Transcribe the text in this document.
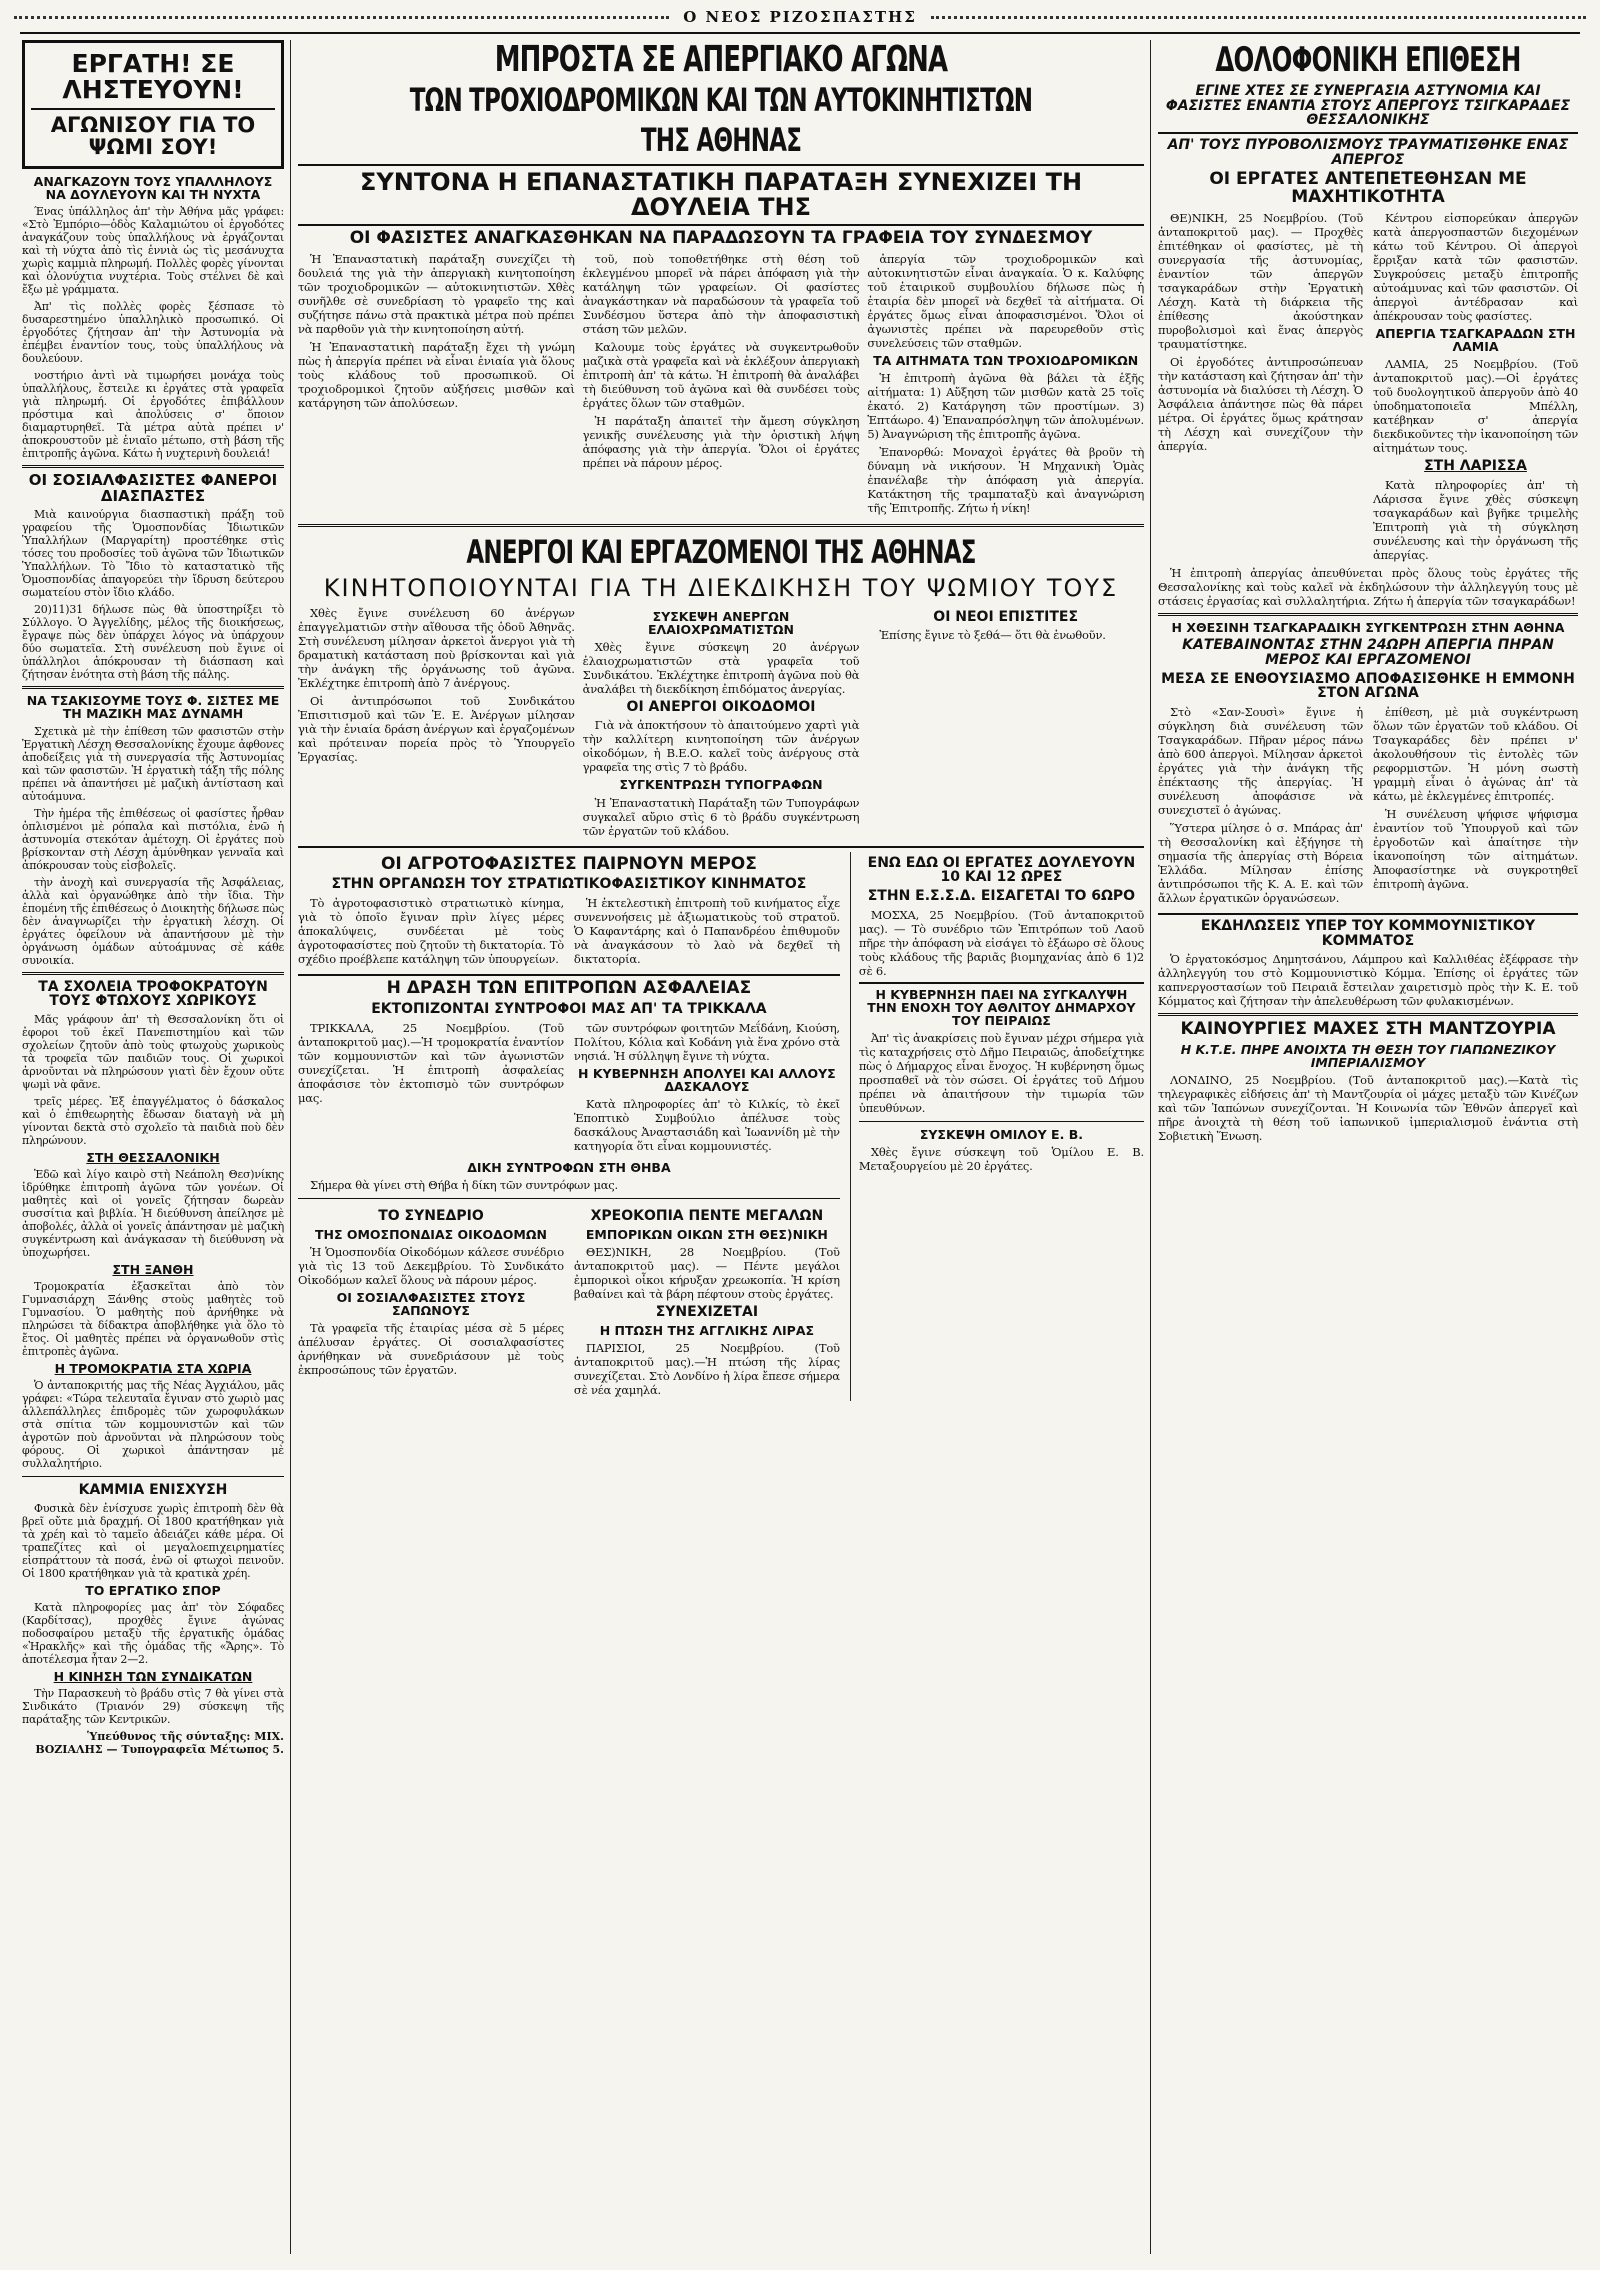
Ο ΝΕΟΣ ΡΙΖΟΣΠΑΣΤΗΣ
ΕΡΓΑΤΗ! ΣΕ ΛΗΣΤΕΥΟΥΝ!
ΑΓΩΝΙΣΟΥ ΓΙΑ ΤΟ ΨΩΜΙ ΣΟΥ!
ΑΝΑΓΚΑΖΟΥΝ ΤΟΥΣ ΥΠΑΛΛΗΛΟΥΣ ΝΑ ΔΟΥΛΕΥΟΥΝ ΚΑΙ ΤΗ ΝΥΧΤΑ

Ένας ὑπάλληλος ἀπ' τὴν Ἀθήνα μᾶς γράφει: «Στὸ Ἐμπόριο—ὁδὸς Καλαμιώτου οἱ ἐργοδότες ἀναγκάζουν τοὺς ὑπαλλήλους νὰ ἐργάζονται καὶ τὴ νύχτα ἀπὸ τὶς ἐννιὰ ὡς τὶς μεσάνυχτα χωρὶς καμμιὰ πληρωμή. Πολλὲς φορὲς γίνονται καὶ ὁλονύχτια νυχτέρια. Τοὺς στέλνει δὲ καὶ ἔξω μὲ γράμματα.

Ἀπ' τὶς πολλὲς φορὲς ξέσπασε τὸ δυσαρεστημένο ὑπαλληλικὸ προσωπικό. Οἱ ἐργοδότες ζήτησαν ἀπ' τὴν Ἀστυνομία νὰ ἐπέμβει ἐναντίον τους, τοὺς ὑπαλλήλους νὰ δουλεύουν.

νοστήριο ἀντὶ νὰ τιμωρήσει μονάχα τοὺς ὑπαλλήλους, ἔστειλε κι ἐργάτες στὰ γραφεῖα γιὰ πληρωμή. Οἱ ἐργοδότες ἐπιβάλλουν πρόστιμα καὶ ἀπολύσεις σ' ὅποιον διαμαρτυρηθεῖ. Τὰ μέτρα αὐτὰ πρέπει ν' ἀποκρουστοῦν μὲ ἑνιαῖο μέτωπο, στὴ βάση τῆς ἐπιτροπῆς ἀγῶνα. Κάτω ἡ νυχτερινὴ δουλειά!

ΟΙ ΣΟΣΙΑΛΦΑΣΙΣΤΕΣ ΦΑΝΕΡΟΙ ΔΙΑΣΠΑΣΤΕΣ

Μιὰ καινούργια διασπαστικὴ πράξη τοῦ γραφείου τῆς Ὁμοσπονδίας Ἰδιωτικῶν Ὑπαλλήλων (Μαργαρίτη) προστέθηκε στὶς τόσες του προδοσίες τοῦ ἀγῶνα τῶν Ἰδιωτικῶν Ὑπαλλήλων. Τὸ Ἴδιο τὸ καταστατικὸ τῆς Ὁμοσπονδίας ἀπαγορεύει τὴν ἴδρυση δεύτερου σωματείου στὸν ἴδιο κλάδο.

20)11)31 δήλωσε πὼς θὰ ὑποστηρίξει τὸ Σύλλογο. Ὁ Ἀγγελίδης, μέλος τῆς διοικήσεως, ἔγραψε πὼς δὲν ὑπάρχει λόγος νὰ ὑπάρχουν δύο σωματεῖα. Στὴ συνέλευση ποὺ ἔγινε οἱ ὑπάλληλοι ἀπόκρουσαν τὴ διάσπαση καὶ ζήτησαν ἑνότητα στὴ βάση τῆς πάλης.

ΝΑ ΤΣΑΚΙΣΟΥΜΕ ΤΟΥΣ Φ. ΣΙΣΤΕΣ ΜΕ ΤΗ ΜΑΖΙΚΗ ΜΑΣ ΔΥΝΑΜΗ

Σχετικὰ μὲ τὴν ἐπίθεση τῶν φασιστῶν στὴν Ἐργατικὴ Λέσχη Θεσσαλονίκης ἔχουμε ἀφθονες ἀποδείξεις γιὰ τὴ συνεργασία τῆς Ἀστυνομίας καὶ τῶν φασιστῶν. Ἡ ἐργατικὴ τάξη τῆς πόλης πρέπει νὰ ἀπαντήσει μὲ μαζικὴ ἀντίσταση καὶ αὐτοάμυνα.

Τὴν ἡμέρα τῆς ἐπιθέσεως οἱ φασίστες ἦρθαν ὁπλισμένοι μὲ ρόπαλα καὶ πιστόλια, ἐνῶ ἡ ἀστυνομία στεκόταν ἀμέτοχη. Οἱ ἐργάτες ποὺ βρίσκονταν στὴ Λέσχη ἀμύνθηκαν γενναῖα καὶ ἀπόκρουσαν τοὺς εἰσβολεῖς.

τὴν ἀνοχὴ καὶ συνεργασία τῆς Ἀσφάλειας, ἀλλὰ καὶ ὀργανώθηκε ἀπὸ τὴν ἴδια. Τὴν ἐπομένη τῆς ἐπιθέσεως ὁ Διοικητὴς δήλωσε πὼς δὲν ἀναγνωρίζει τὴν ἐργατικὴ λέσχη. Οἱ ἐργάτες ὀφείλουν νὰ ἀπαντήσουν μὲ τὴν ὀργάνωση ὁμάδων αὐτοάμυνας σὲ κάθε συνοικία.

ΤΑ ΣΧΟΛΕΙΑ ΤΡΟΦΟΚΡΑΤΟΥΝ ΤΟΥΣ ΦΤΩΧΟΥΣ ΧΩΡΙΚΟΥΣ

Μᾶς γράφουν ἀπ' τὴ Θεσσαλονίκη ὅτι οἱ ἐφοροι τοῦ ἑκεῖ Πανεπιστημίου καὶ τῶν σχολείων ζητοῦν ἀπὸ τοὺς φτωχοὺς χωρικοὺς τὰ τροφεῖα τῶν παιδιῶν τους. Οἱ χωρικοὶ ἀρνοῦνται νὰ πληρώσουν γιατὶ δὲν ἔχουν οὔτε ψωμὶ νὰ φᾶνε.

τρεῖς μέρες. Ἐξ ἐπαγγέλματος ὁ δάσκαλος καὶ ὁ ἐπιθεωρητὴς ἔδωσαν διαταγὴ νὰ μὴ γίνονται δεκτὰ στὸ σχολεῖο τὰ παιδιὰ ποὺ δὲν πληρώνουν.

ΣΤΗ ΘΕΣΣΑΛΟΝΙΚΗ

Ἐδῶ καὶ λίγο καιρὸ στὴ Νεάπολη Θεσ)νίκης ἱδρύθηκε ἐπιτροπὴ ἀγῶνα τῶν γονέων. Οἱ μαθητὲς καὶ οἱ γονεῖς ζήτησαν δωρεὰν συσσίτια καὶ βιβλία. Ἡ διεύθυνση ἀπείλησε μὲ ἀποβολές, ἀλλὰ οἱ γονεῖς ἀπάντησαν μὲ μαζικὴ συγκέντρωση καὶ ἀνάγκασαν τὴ διεύθυνση νὰ ὑποχωρήσει.

ΣΤΗ ΞΑΝΘΗ

Τρομοκρατία ἐξασκεῖται ἀπὸ τὸν Γυμνασιάρχη Ξάνθης στοὺς μαθητὲς τοῦ Γυμνασίου. Ὁ μαθητὴς ποὺ ἀρνήθηκε νὰ πληρώσει τὰ δίδακτρα ἀποβλήθηκε γιὰ ὅλο τὸ ἔτος. Οἱ μαθητὲς πρέπει νὰ ὀργανωθοῦν στὶς ἐπιτροπὲς ἀγῶνα.

Η ΤΡΟΜΟΚΡΑΤΙΑ ΣΤΑ ΧΩΡΙΑ

Ὁ ἀνταποκριτής μας τῆς Νέας Ἀγχιάλου, μᾶς γράφει: «Τώρα τελευταῖα ἔγιναν στὸ χωριὸ μας ἀλλεπάλληλες ἐπιδρομὲς τῶν χωροφυλάκων στὰ σπίτια τῶν κομμουνιστῶν καὶ τῶν ἀγροτῶν ποὺ ἀρνοῦνται νὰ πληρώσουν τοὺς φόρους. Οἱ χωρικοὶ ἀπάντησαν μὲ συλλαλητήριο.

ΚΑΜΜΙΑ ΕΝΙΣΧΥΣΗ

Φυσικὰ δὲν ἐνίσχυσε χωρὶς ἐπιτροπὴ δὲν θὰ βρεῖ οὔτε μιὰ δραχμή. Οἱ 1800 κρατήθηκαν γιὰ τὰ χρέη καὶ τὸ ταμεῖο ἀδειάζει κάθε μέρα. Οἱ τραπεζίτες καὶ οἱ μεγαλοεπιχειρηματίες εἰσπράττουν τὰ ποσά, ἐνῶ οἱ φτωχοὶ πεινοῦν. Οἱ 1800 κρατήθηκαν γιὰ τὰ κρατικὰ χρέη.

ΤΟ ΕΡΓΑΤΙΚΟ ΣΠΟΡ

Κατὰ πληροφορίες μας ἀπ' τὸν Σόφαδες (Καρδίτσας), προχθὲς ἔγινε ἀγώνας ποδοσφαίρου μεταξὺ τῆς ἐργατικῆς ὁμάδας «Ἠρακλῆς» καὶ τῆς ὁμάδας τῆς «Ἄρης». Τὸ ἀποτέλεσμα ἦταν 2—2.

Η ΚΙΝΗΣΗ ΤΩΝ ΣΥΝΔΙΚΑΤΩΝ

Τὴν Παρασκευὴ τὸ βράδυ στὶς 7 θὰ γίνει στὰ Σινδικάτο (Τριανόν 29) σύσκεψη τῆς παράταξης τῶν Κεντρικῶν.

Ὑπεύθυνος τῆς σύνταξης: ΜΙΧ. ΒΟΖΙΑΛΗΣ — Τυπογραφεῖα Μέτωπος 5.
ΜΠΡΟΣΤΑ ΣΕ ΑΠΕΡΓΙΑΚΟ ΑΓΩΝΑ
ΤΩΝ ΤΡΟΧΙΟΔΡΟΜΙΚΩΝ ΚΑΙ ΤΩΝ ΑΥΤΟΚΙΝΗΤΙΣΤΩΝ ΤΗΣ ΑΘΗΝΑΣ
ΣΥΝΤΟΝΑ Η ΕΠΑΝΑΣΤΑΤΙΚΗ ΠΑΡΑΤΑΞΗ ΣΥΝΕΧΙΖΕΙ ΤΗ ΔΟΥΛΕΙΑ ΤΗΣ
ΟΙ ΦΑΣΙΣΤΕΣ ΑΝΑΓΚΑΣΘΗΚΑΝ ΝΑ ΠΑΡΑΔΩΣΟΥΝ ΤΑ ΓΡΑΦΕΙΑ ΤΟΥ ΣΥΝΔΕΣΜΟΥ

Ἡ Ἐπαναστατικὴ παράταξη συνεχίζει τὴ δουλειά της γιὰ τὴν ἀπεργιακὴ κινητοποίηση τῶν τροχιοδρομικῶν — αὐτοκινητιστῶν. Χθὲς συνῆλθε σὲ συνεδρίαση τὸ γραφεῖο της καὶ συζήτησε πάνω στὰ πρακτικὰ μέτρα ποὺ πρέπει νὰ παρθοῦν γιὰ τὴν κινητοποίηση αὐτή.

Ἡ Ἐπαναστατικὴ παράταξη ἔχει τὴ γνώμη πὼς ἡ ἀπεργία πρέπει νὰ εἶναι ἑνιαία γιὰ ὅλους τοὺς κλάδους τοῦ προσωπικοῦ. Οἱ τροχιοδρομικοὶ ζητοῦν αὐξήσεις μισθῶν καὶ κατάργηση τῶν ἀπολύσεων.

τοῦ, ποὺ τοποθετήθηκε στὴ θέση τοῦ ἐκλεγμένου μπορεῖ νὰ πάρει ἀπόφαση γιὰ τὴν κατάληψη τῶν γραφείων. Οἱ φασίστες ἀναγκάστηκαν νὰ παραδώσουν τὰ γραφεῖα τοῦ Συνδέσμου ὕστερα ἀπὸ τὴν ἀποφασιστικὴ στάση τῶν μελῶν.

Καλουμε τοὺς ἐργάτες νὰ συγκεντρωθοῦν μαζικὰ στὰ γραφεῖα καὶ νὰ ἐκλέξουν ἀπεργιακὴ ἐπιτροπὴ ἀπ' τὰ κάτω. Ἡ ἐπιτροπὴ θὰ ἀναλάβει τὴ διεύθυνση τοῦ ἀγῶνα καὶ θὰ συνδέσει τοὺς ἐργάτες ὅλων τῶν σταθμῶν.

Ἡ παράταξη ἀπαιτεῖ τὴν ἄμεση σύγκληση γενικῆς συνέλευσης γιὰ τὴν ὁριστικὴ λήψη ἀπόφασης γιὰ τὴν ἀπεργία. Ὅλοι οἱ ἐργάτες πρέπει νὰ πάρουν μέρος.

ἀπεργία τῶν τροχιοδρομικῶν καὶ αὐτοκινητιστῶν εἶναι ἀναγκαία. Ὁ κ. Καλύφης τοῦ ἑταιρικοῦ συμβουλίου δήλωσε πὼς ἡ ἑταιρία δὲν μπορεῖ νὰ δεχθεῖ τὰ αἰτήματα. Οἱ ἐργάτες ὅμως εἶναι ἀποφασισμένοι. Ὅλοι οἱ ἀγωνιστὲς πρέπει νὰ παρευρεθοῦν στὶς συνελεύσεις τῶν σταθμῶν.

ΤΑ ΑΙΤΗΜΑΤΑ ΤΩΝ ΤΡΟΧΙΟΔΡΟΜΙΚΩΝ

Ἡ ἐπιτροπὴ ἀγῶνα θὰ βάλει τὰ ἑξῆς αἰτήματα: 1) Αὔξηση τῶν μισθῶν κατὰ 25 τοῖς ἑκατό. 2) Κατάργηση τῶν προστίμων. 3) Ἑπτάωρο. 4) Ἐπαναπρόσληψη τῶν ἀπολυμένων. 5) Ἀναγνώριση τῆς ἐπιτροπῆς ἀγῶνα.

Ἐπανορθώ: Μοναχοὶ ἐργάτες θὰ βροῦν τὴ δύναμη νὰ νικήσουν. Ἡ Μηχανικὴ Ὁμὰς ἐπανέλαβε τὴν ἀπόφαση γιὰ ἀπεργία. Κατάκτηση τῆς τραμπαταξὺ καὶ ἀναγνώριση τῆς Ἐπιτροπῆς. Ζήτω ἡ νίκη!

ΑΝΕΡΓΟΙ ΚΑΙ ΕΡΓΑΖΟΜΕΝΟΙ ΤΗΣ ΑΘΗΝΑΣ
ΚΙΝΗΤΟΠΟΙΟΥΝΤΑΙ ΓΙΑ ΤΗ ΔΙΕΚΔΙΚΗΣΗ ΤΟΥ ΨΩΜΙΟΥ ΤΟΥΣ

Χθὲς ἔγινε συνέλευση 60 ἀνέργων ἐπαγγελματιῶν στὴν αἴθουσα τῆς ὁδοῦ Ἀθηνᾶς. Στὴ συνέλευση μίλησαν ἀρκετοὶ ἄνεργοι γιὰ τὴ δραματικὴ κατάσταση ποὺ βρίσκονται καὶ γιὰ τὴν ἀνάγκη τῆς ὀργάνωσης τοῦ ἀγῶνα. Ἐκλέχτηκε ἐπιτροπὴ ἀπὸ 7 ἀνέργους.

Οἱ ἀντιπρόσωποι τοῦ Συνδικάτου Ἐπισιτισμοῦ καὶ τῶν Ἐ. Ε. Ἀνέργων μίλησαν γιὰ τὴν ἑνιαία δράση ἀνέργων καὶ ἐργαζομένων καὶ πρότειναν πορεία πρὸς τὸ Ὑπουργεῖο Ἐργασίας.

ΣΥΣΚΕΨΗ ΑΝΕΡΓΩΝ ΕΛΑΙΟΧΡΩΜΑΤΙΣΤΩΝ

Χθὲς ἔγινε σύσκεψη 20 ἀνέργων ἐλαιοχρωματιστῶν στὰ γραφεῖα τοῦ Συνδικάτου. Ἐκλέχτηκε ἐπιτροπὴ ἀγῶνα ποὺ θὰ ἀναλάβει τὴ διεκδίκηση ἐπιδόματος ἀνεργίας.

ΟΙ ΑΝΕΡΓΟΙ ΟΙΚΟΔΟΜΟΙ

Γιὰ νὰ ἀποκτήσουν τὸ ἀπαιτούμενο χαρτὶ γιὰ τὴν καλλίτερη κινητοποίηση τῶν ἀνέργων οἰκοδόμων, ἡ Β.Ε.Ο. καλεῖ τοὺς ἀνέργους στὰ γραφεῖα της στὶς 7 τὸ βράδυ.

ΣΥΓΚΕΝΤΡΩΣΗ ΤΥΠΟΓΡΑΦΩΝ

Ἡ Ἐπαναστατικὴ Παράταξη τῶν Τυπογράφων συγκαλεῖ αὔριο στὶς 6 τὸ βράδυ συγκέντρωση τῶν ἐργατῶν τοῦ κλάδου.

ΟΙ ΝΕΟΙ ΕΠΙΣΤΙΤΕΣ

Ἐπίσης ἔγινε τὸ ξεθά— ὅτι θὰ ἑνωθοῦν.

ΟΙ ΑΓΡΟΤΟΦΑΣΙΣΤΕΣ ΠΑΙΡΝΟΥΝ ΜΕΡΟΣ
ΣΤΗΝ ΟΡΓΑΝΩΣΗ ΤΟΥ ΣΤΡΑΤΙΩΤΙΚΟΦΑΣΙΣΤΙΚΟΥ ΚΙΝΗΜΑΤΟΣ

Τὸ ἀγροτοφασιστικὸ στρατιωτικὸ κίνημα, γιὰ τὸ ὁποῖο ἔγιναν πρὶν λίγες μέρες ἀποκαλύψεις, συνδέεται μὲ τοὺς ἀγροτοφασίστες ποὺ ζητοῦν τὴ δικτατορία. Τὸ σχέδιο προέβλεπε κατάληψη τῶν ὑπουργείων.

Ἡ ἐκτελεστικὴ ἐπιτροπὴ τοῦ κινήματος εἶχε συνεννοήσεις μὲ ἀξιωματικοὺς τοῦ στρατοῦ. Ὁ Καφαντάρης καὶ ὁ Παπανδρέου ἐπιθυμοῦν νὰ ἀναγκάσουν τὸ λαὸ νὰ δεχθεῖ τὴ δικτατορία.

Η ΔΡΑΣΗ ΤΩΝ ΕΠΙΤΡΟΠΩΝ ΑΣΦΑΛΕΙΑΣ
ΕΚΤΟΠΙΖΟΝΤΑΙ ΣΥΝΤΡΟΦΟΙ ΜΑΣ ΑΠ' ΤΑ ΤΡΙΚΚΑΛΑ

ΤΡΙΚΚΑΛΑ, 25 Νοεμβρίου. (Τοῦ ἀνταποκριτοῦ μας).—Ἡ τρομοκρατία ἐναντίον τῶν κομμουνιστῶν καὶ τῶν ἀγωνιστῶν συνεχίζεται. Ἡ ἐπιτροπὴ ἀσφαλείας ἀποφάσισε τὸν ἐκτοπισμὸ τῶν συντρόφων μας.

τῶν συντρόφων φοιτητῶν Μεΐδάνη, Κιούση, Πολίτου, Κόλια καὶ Κοδάνη γιὰ ἕνα χρόνο στὰ νησιά. Ἡ σύλληψη ἔγινε τὴ νύχτα.

Η ΚΥΒΕΡΝΗΣΗ ΑΠΟΛΥΕΙ ΚΑΙ ΑΛΛΟΥΣ ΔΑΣΚΑΛΟΥΣ

Κατὰ πληροφορίες ἀπ' τὸ Κιλκίς, τὸ ἐκεῖ Ἐποπτικὸ Συμβούλιο ἀπέλυσε τοὺς δασκάλους Ἀναστασιάδη καὶ Ἰωαννίδη μὲ τὴν κατηγορία ὅτι εἶναι κομμουνιστές.

ΔΙΚΗ ΣΥΝΤΡΟΦΩΝ ΣΤΗ ΘΗΒΑ

Σήμερα θὰ γίνει στὴ Θήβα ἡ δίκη τῶν συντρόφων μας.

ΤΟ ΣΥΝΕΔΡΙΟ
ΤΗΣ ΟΜΟΣΠΟΝΔΙΑΣ ΟΙΚΟΔΟΜΩΝ

Ἡ Ὁμοσπονδία Οἰκοδόμων κάλεσε συνέδριο γιὰ τὶς 13 τοῦ Δεκεμβρίου. Τὸ Συνδικάτο Οἰκοδόμων καλεῖ ὅλους νὰ πάρουν μέρος.

ΟΙ ΣΟΣΙΑΛΦΑΣΙΣΤΕΣ ΣΤΟΥΣ ΣΑΠΩΝΟΥΣ

Τὰ γραφεῖα τῆς ἑταιρίας μέσα σὲ 5 μέρες ἀπέλυσαν ἐργάτες. Οἱ σοσιαλφασίστες ἀρνήθηκαν νὰ συνεδριάσουν μὲ τοὺς ἐκπροσώπους τῶν ἐργατῶν.

ΧΡΕΟΚΟΠΙΑ ΠΕΝΤΕ ΜΕΓΑΛΩΝ
ΕΜΠΟΡΙΚΩΝ ΟΙΚΩΝ ΣΤΗ ΘΕΣ)ΝΙΚΗ

ΘΕΣ)ΝΙΚΗ, 28 Νοεμβρίου. (Τοῦ ἀνταποκριτοῦ μας). — Πέντε μεγάλοι ἐμπορικοὶ οἶκοι κήρυξαν χρεωκοπία. Ἡ κρίση βαθαίνει καὶ τὰ βάρη πέφτουν στοὺς ἐργάτες.

ΣΥΝΕΧΙΖΕΤΑΙ
Η ΠΤΩΣΗ ΤΗΣ ΑΓΓΛΙΚΗΣ ΛΙΡΑΣ

ΠΑΡΙΣΙΟΙ, 25 Νοεμβρίου. (Τοῦ ἀνταποκριτοῦ μας).—Ἡ πτώση τῆς λίρας συνεχίζεται. Στὸ Λονδίνο ἡ λίρα ἔπεσε σήμερα σὲ νέα χαμηλά.

ΕΝΩ ΕΔΩ ΟΙ ΕΡΓΑΤΕΣ ΔΟΥΛΕΥΟΥΝ 10 ΚΑΙ 12 ΩΡΕΣ
ΣΤΗΝ Ε.Σ.Σ.Δ. ΕΙΣΑΓΕΤΑΙ ΤΟ 6ΩΡΟ

ΜΟΣΧΑ, 25 Νοεμβρίου. (Τοῦ ἀνταποκριτοῦ μας). — Τὸ συνέδριο τῶν Ἐπιτρόπων τοῦ Λαοῦ πῆρε τὴν ἀπόφαση νὰ εἰσάγει τὸ ἑξάωρο σὲ ὅλους τοὺς κλάδους τῆς βαριᾶς βιομηχανίας ἀπὸ 6 1)2 σὲ 6.

Η ΚΥΒΕΡΝΗΣΗ ΠΑΕΙ ΝΑ ΣΥΓΚΑΛΥΨΗ ΤΗΝ ΕΝΟΧΗ ΤΟΥ ΑΘΛΙΤΟΥ ΔΗΜΑΡΧΟΥ ΤΟΥ ΠΕΙΡΑΙΩΣ

Ἀπ' τὶς ἀνακρίσεις ποὺ ἔγιναν μέχρι σήμερα γιὰ τὶς καταχρήσεις στὸ Δῆμο Πειραιῶς, ἀποδείχτηκε πὼς ὁ Δήμαρχος εἶναι ἔνοχος. Ἡ κυβέρνηση ὅμως προσπαθεῖ νὰ τὸν σώσει. Οἱ ἐργάτες τοῦ Δήμου πρέπει νὰ ἀπαιτήσουν τὴν τιμωρία τῶν ὑπευθύνων.

ΣΥΣΚΕΨΗ ΟΜΙΛΟΥ Ε. Β.

Χθὲς ἔγινε σύσκεψη τοῦ Ὁμίλου Ε. Β. Μεταξουργείου μὲ 20 ἐργάτες.

ΔΟΛΟΦΟΝΙΚΗ ΕΠΙΘΕΣΗ
ΕΓΙΝΕ ΧΤΕΣ ΣΕ ΣΥΝΕΡΓΑΣΙΑ ΑΣΤΥΝΟΜΙΑ ΚΑΙ ΦΑΣΙΣΤΕΣ ΕΝΑΝΤΙΑ ΣΤΟΥΣ ΑΠΕΡΓΟΥΣ ΤΣΙΓΚΑΡΑΔΕΣ ΘΕΣΣΑΛΟΝΙΚΗΣ
ΑΠ' ΤΟΥΣ ΠΥΡΟΒΟΛΙΣΜΟΥΣ ΤΡΑΥΜΑΤΙΣΘΗΚΕ ΕΝΑΣ ΑΠΕΡΓΟΣ
ΟΙ ΕΡΓΑΤΕΣ ΑΝΤΕΠΕΤΕΘΗΣΑΝ ΜΕ ΜΑΧΗΤΙΚΟΤΗΤΑ

ΘΕ)ΝΙΚΗ, 25 Νοεμβρίου. (Τοῦ ἀνταποκριτοῦ μας). — Προχθὲς ἐπιτέθηκαν οἱ φασίστες, μὲ τὴ συνεργασία τῆς ἀστυνομίας, ἐναντίον τῶν ἀπεργῶν τσαγκαράδων στὴν Ἐργατικὴ Λέσχη. Κατὰ τὴ διάρκεια τῆς ἐπίθεσης ἀκούστηκαν πυροβολισμοὶ καὶ ἕνας ἀπεργὸς τραυματίστηκε.

Οἱ ἐργοδότες ἀντιπροσώπευαν τὴν κατάσταση καὶ ζήτησαν ἀπ' τὴν ἀστυνομία νὰ διαλύσει τὴ Λέσχη. Ὁ Ἀσφάλεια ἀπάντησε πὼς θὰ πάρει μέτρα. Οἱ ἐργάτες ὅμως κράτησαν τὴ Λέσχη καὶ συνεχίζουν τὴν ἀπεργία.

Κέντρου εἰσπορεύκαν ἀπεργῶν κατὰ ἀπεργοσπαστῶν διεχομένων κάτω τοῦ Κέντρου. Οἱ ἀπεργοὶ ἔρριξαν κατὰ τῶν φασιστῶν. Συγκρούσεις μεταξὺ ἐπιτροπῆς αὐτοάμυνας καὶ τῶν φασιστῶν. Οἱ ἀπεργοὶ ἀντέδρασαν καὶ ἀπέκρουσαν τοὺς φασίστες.

ΑΠΕΡΓΙΑ ΤΣΑΓΚΑΡΑΔΩΝ ΣΤΗ ΛΑΜΙΑ

ΛΑΜΙΑ, 25 Νοεμβρίου. (Τοῦ ἀνταποκριτοῦ μας).—Οἱ ἐργάτες τοῦ δυολογητικοῦ ἀπεργοῦν ἀπὸ 40 ὑποδηματοποιεῖα Μπέλλη, κατέβηκαν σ' ἀπεργία διεκδικοῦντες τὴν ἱκανοποίηση τῶν αἰτημάτων τους.

ΣΤΗ ΛΑΡΙΣΣΑ

Κατὰ πληροφορίες ἀπ' τὴ Λάρισσα ἔγινε χθὲς σύσκεψη τσαγκαράδων καὶ βγῆκε τριμελὴς Ἐπιτροπὴ γιὰ τὴ σύγκληση συνέλευσης καὶ τὴν ὀργάνωση τῆς ἀπεργίας.

Ἡ ἐπιτροπὴ ἀπεργίας ἀπευθύνεται πρὸς ὅλους τοὺς ἐργάτες τῆς Θεσσαλονίκης καὶ τοὺς καλεῖ νὰ ἐκδηλώσουν τὴν ἀλληλεγγύη τους μὲ στάσεις ἐργασίας καὶ συλλαλητήρια. Ζήτω ἡ ἀπεργία τῶν τσαγκαράδων!

Η ΧΘΕΣΙΝΗ ΤΣΑΓΚΑΡΑΔΙΚΗ ΣΥΓΚΕΝΤΡΩΣΗ ΣΤΗΝ ΑΘΗΝΑ
ΚΑΤΕΒΑΙΝΟΝΤΑΣ ΣΤΗΝ 24ΩΡΗ ΑΠΕΡΓΙΑ ΠΗΡΑΝ ΜΕΡΟΣ ΚΑΙ ΕΡΓΑΖΟΜΕΝΟΙ
ΜΕΣΑ ΣΕ ΕΝΘΟΥΣΙΑΣΜΟ ΑΠΟΦΑΣΙΣΘΗΚΕ Η ΕΜΜΟΝΗ ΣΤΟΝ ΑΓΩΝΑ

Στὸ «Σαν-Σουσὶ» ἔγινε ἡ σύγκληση διὰ συνέλευση τῶν Τσαγκαράδων. Πῆραν μέρος πάνω ἀπὸ 600 ἀπεργοὶ. Μίλησαν ἀρκετοὶ ἐργάτες γιὰ τὴν ἀνάγκη τῆς ἐπέκτασης τῆς ἀπεργίας. Ἡ συνέλευση ἀποφάσισε νὰ συνεχιστεῖ ὁ ἀγώνας.

Ὕστερα μίλησε ὁ σ. Μπάρας ἀπ' τὴ Θεσσαλονίκη καὶ ἐξήγησε τὴ σημασία τῆς ἀπεργίας στὴ Βόρεια Ἑλλάδα. Μίλησαν ἐπίσης ἀντιπρόσωποι τῆς Κ. Α. Ε. καὶ τῶν ἄλλων ἐργατικῶν ὀργανώσεων.

ἐπίθεση, μὲ μιὰ συγκέντρωση ὅλων τῶν ἐργατῶν τοῦ κλάδου. Οἱ Τσαγκαράδες δὲν πρέπει ν' ἀκολουθήσουν τὶς ἐντολὲς τῶν ρεφορμιστῶν. Ἡ μόνη σωστὴ γραμμὴ εἶναι ὁ ἀγώνας ἀπ' τὰ κάτω, μὲ ἐκλεγμένες ἐπιτροπές.

Ἡ συνέλευση ψήφισε ψήφισμα ἐναντίον τοῦ Ὑπουργοῦ καὶ τῶν ἐργοδοτῶν καὶ ἀπαίτησε τὴν ἱκανοποίηση τῶν αἰτημάτων. Ἀποφασίστηκε νὰ συγκροτηθεῖ ἐπιτροπὴ ἀγῶνα.

ΕΚΔΗΛΩΣΕΙΣ ΥΠΕΡ ΤΟΥ ΚΟΜΜΟΥΝΙΣΤΙΚΟΥ ΚΟΜΜΑΤΟΣ

Ὁ ἐργατοκόσμος Δημητσάνου, Λάμπρου καὶ Καλλιθέας ἐξέφρασε τὴν ἀλληλεγγύη του στὸ Κομμουνιστικὸ Κόμμα. Ἐπίσης οἱ ἐργάτες τῶν καπνεργοστασίων τοῦ Πειραιᾶ ἔστειλαν χαιρετισμὸ πρὸς τὴν Κ. Ε. τοῦ Κόμματος καὶ ζήτησαν τὴν ἀπελευθέρωση τῶν φυλακισμένων.

ΚΑΙΝΟΥΡΓΙΕΣ ΜΑΧΕΣ ΣΤΗ ΜΑΝΤΖΟΥΡΙΑ
Η Κ.Τ.Ε. ΠΗΡΕ ΑΝΟΙΧΤΑ ΤΗ ΘΕΣΗ ΤΟΥ ΓΙΑΠΩΝΕΖΙΚΟΥ ΙΜΠΕΡΙΑΛΙΣΜΟΥ

ΛΟΝΔΙΝΟ, 25 Νοεμβρίου. (Τοῦ ἀνταποκριτοῦ μας).—Κατὰ τὶς τηλεγραφικὲς εἰδήσεις ἀπ' τὴ Μαντζουρία οἱ μάχες μεταξὺ τῶν Κινέζων καὶ τῶν Ἰαπώνων συνεχίζονται. Ἡ Κοινωνία τῶν Ἐθνῶν ἀπεργεῖ καὶ πῆρε ἀνοιχτὰ τὴ θέση τοῦ ἰαπωνικοῦ ἱμπεριαλισμοῦ ἐνάντια στὴ Σοβιετικὴ Ἕνωση.
